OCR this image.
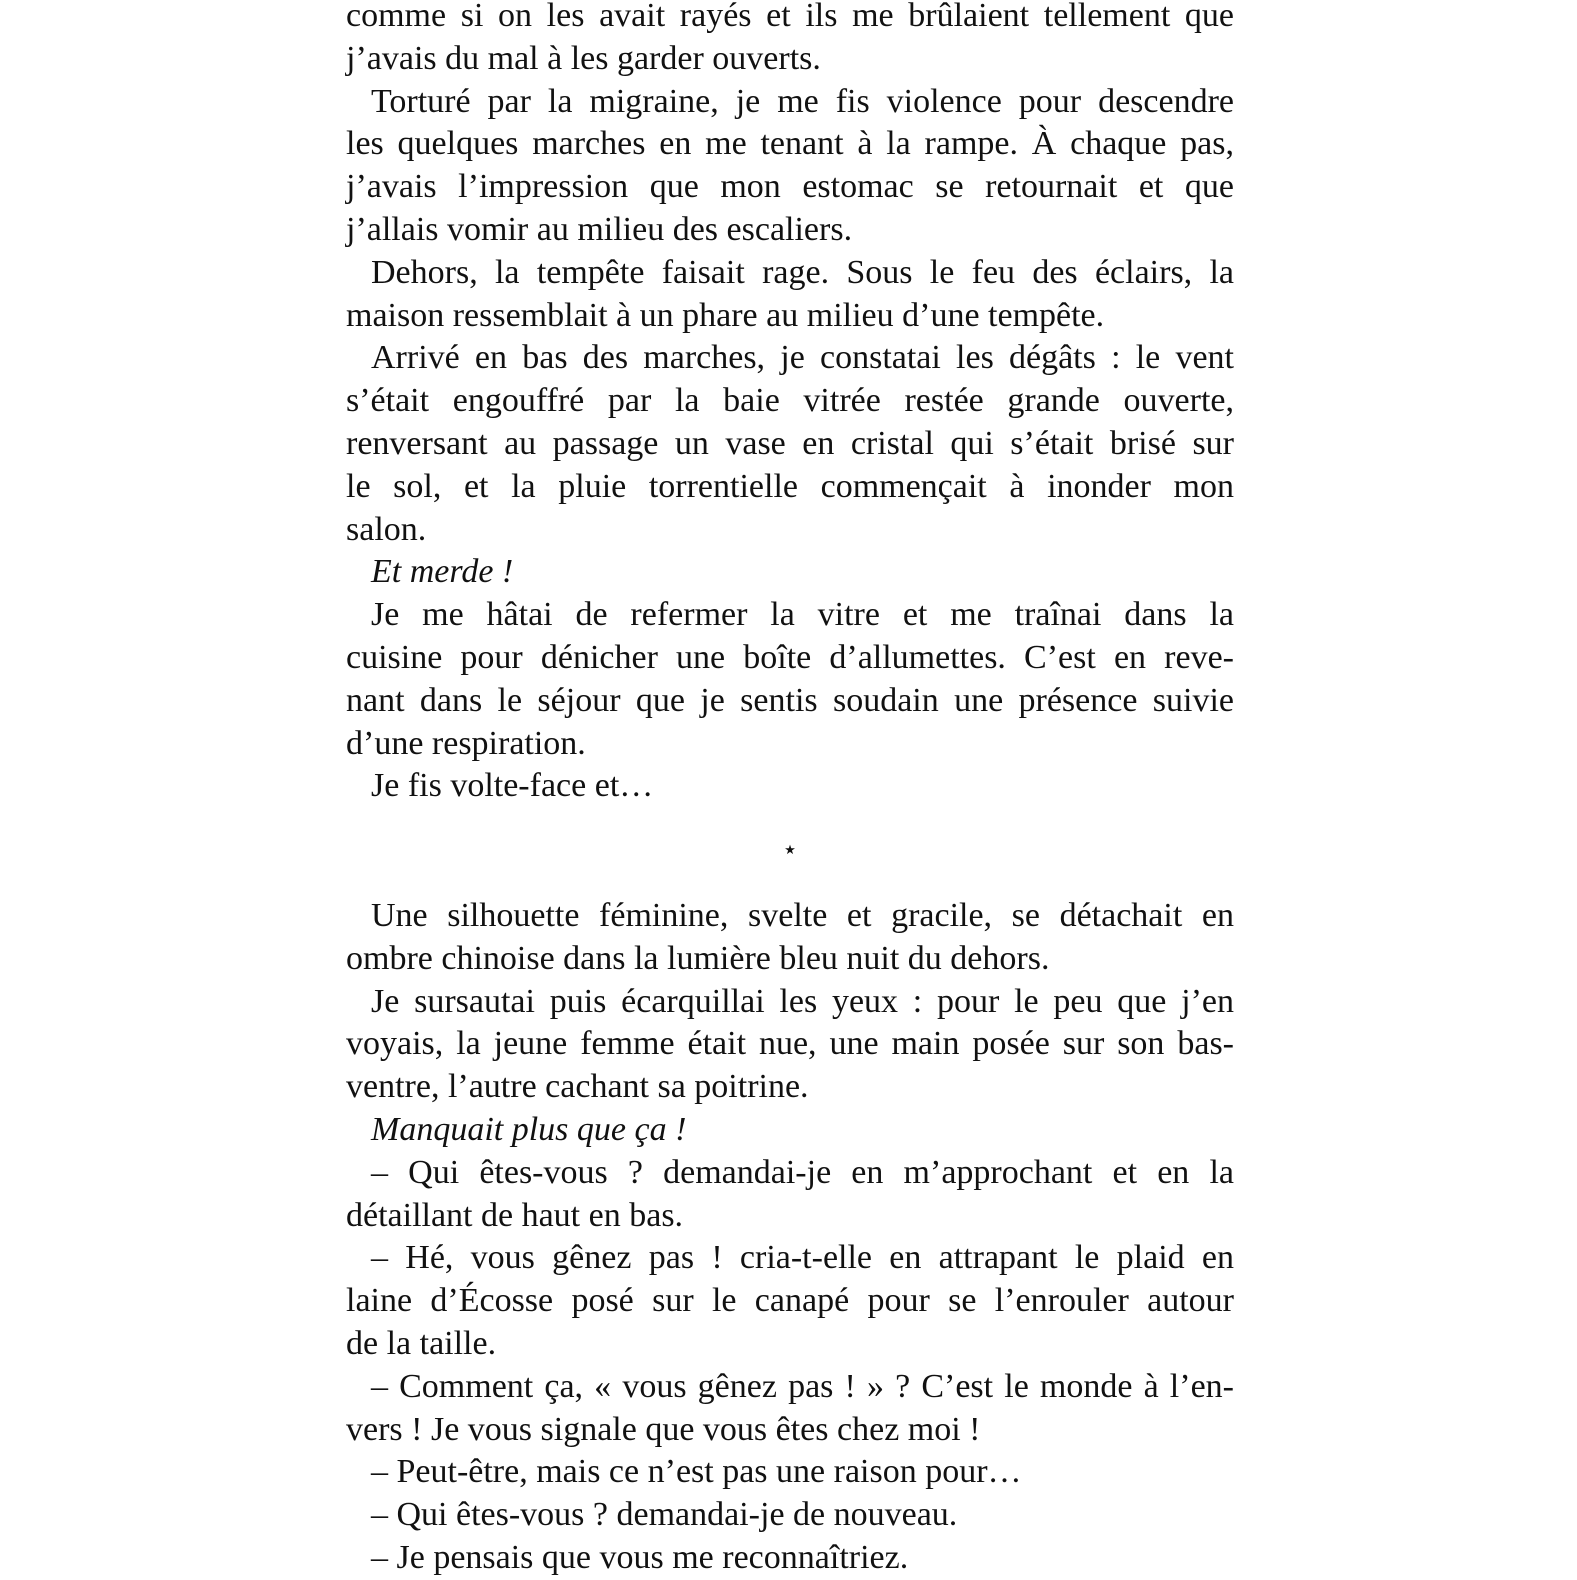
comme si on les avait rayés et ils me brûlaient tellement que
j’avais du mal à les garder ouverts.
Torturé par la migraine, je me fis violence pour descendre
les quelques marches en me tenant à la rampe. À chaque pas,
j’avais l’impression que mon estomac se retournait et que
j’allais vomir au milieu des escaliers.
Dehors, la tempête faisait rage. Sous le feu des éclairs, la
maison ressemblait à un phare au milieu d’une tempête.
Arrivé en bas des marches, je constatai les dégâts : le vent
s’était engouffré par la baie vitrée restée grande ouverte,
renversant au passage un vase en cristal qui s’était brisé sur
le sol, et la pluie torrentielle commençait à inonder mon
salon.
Et merde !
Je me hâtai de refermer la vitre et me traînai dans la
cuisine pour dénicher une boîte d’allumettes. C’est en reve-
nant dans le séjour que je sentis soudain une présence suivie
d’une respiration.
Je fis volte-face et…
⋆
Une silhouette féminine, svelte et gracile, se détachait en
ombre chinoise dans la lumière bleu nuit du dehors.
Je sursautai puis écarquillai les yeux : pour le peu que j’en
voyais, la jeune femme était nue, une main posée sur son bas-
ventre, l’autre cachant sa poitrine.
Manquait plus que ça !
– Qui êtes-vous ? demandai-je en m’approchant et en la
détaillant de haut en bas.
– Hé, vous gênez pas ! cria-t-elle en attrapant le plaid en
laine d’Écosse posé sur le canapé pour se l’enrouler autour
de la taille.
– Comment ça, « vous gênez pas ! » ? C’est le monde à l’en-
vers ! Je vous signale que vous êtes chez moi !
– Peut-être, mais ce n’est pas une raison pour…
– Qui êtes-vous ? demandai-je de nouveau.
– Je pensais que vous me reconnaîtriez.
